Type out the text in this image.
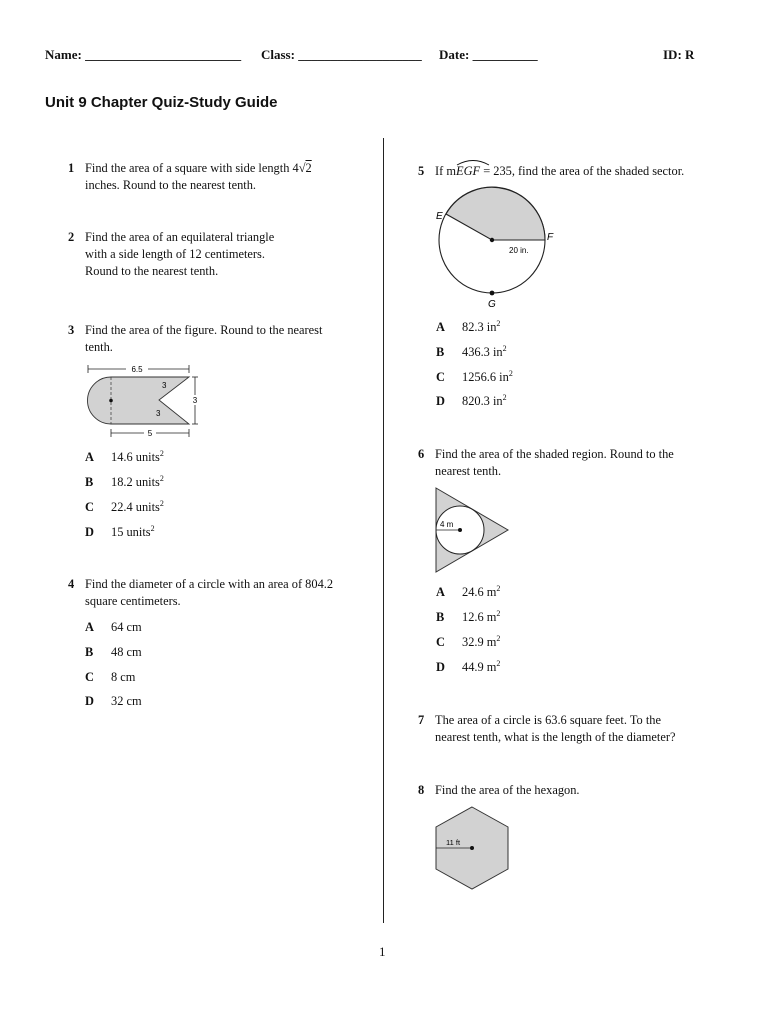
Name: ________________________ Class: ___________________ Date: __________	ID: R
Unit 9 Chapter Quiz-Study Guide
1 Find the area of a square with side length 4√2
inches. Round to the nearest tenth.
2 Find the area of an equilateral triangle
with a side length of 12 centimeters.
Round to the nearest tenth.
3 Find the area of the figure. Round to the nearest
tenth.
6.5
3
3
3
5
A 14.6 units$^2$
B 18.2 units$^2$
C 22.4 units$^2$
D 15 units$^2$
4 Find the diameter of a circle with an area of 804.2
square centimeters.
A 64 cm
B 48 cm
C 8 cm
D 32 cm
5 If m
EGF = 235, find the area of the shaded sector.
E
F
G
20 in.
A 82.3 $in^2$
B 436.3 $in^2$
C 1256.6 $in^2$
D 820.3 $in^2$
6 Find the area of the shaded region. Round to the
nearest tenth.
4 m
A 24.6 $m^2$
B 12.6 $m^2$
C 32.9 $m^2$
D 44.9 $m^2$
7 The area of a circle is 63.6 square feet. To the
nearest tenth, what is the length of the diameter?
8 Find the area of the hexagon.
11 ft
1
